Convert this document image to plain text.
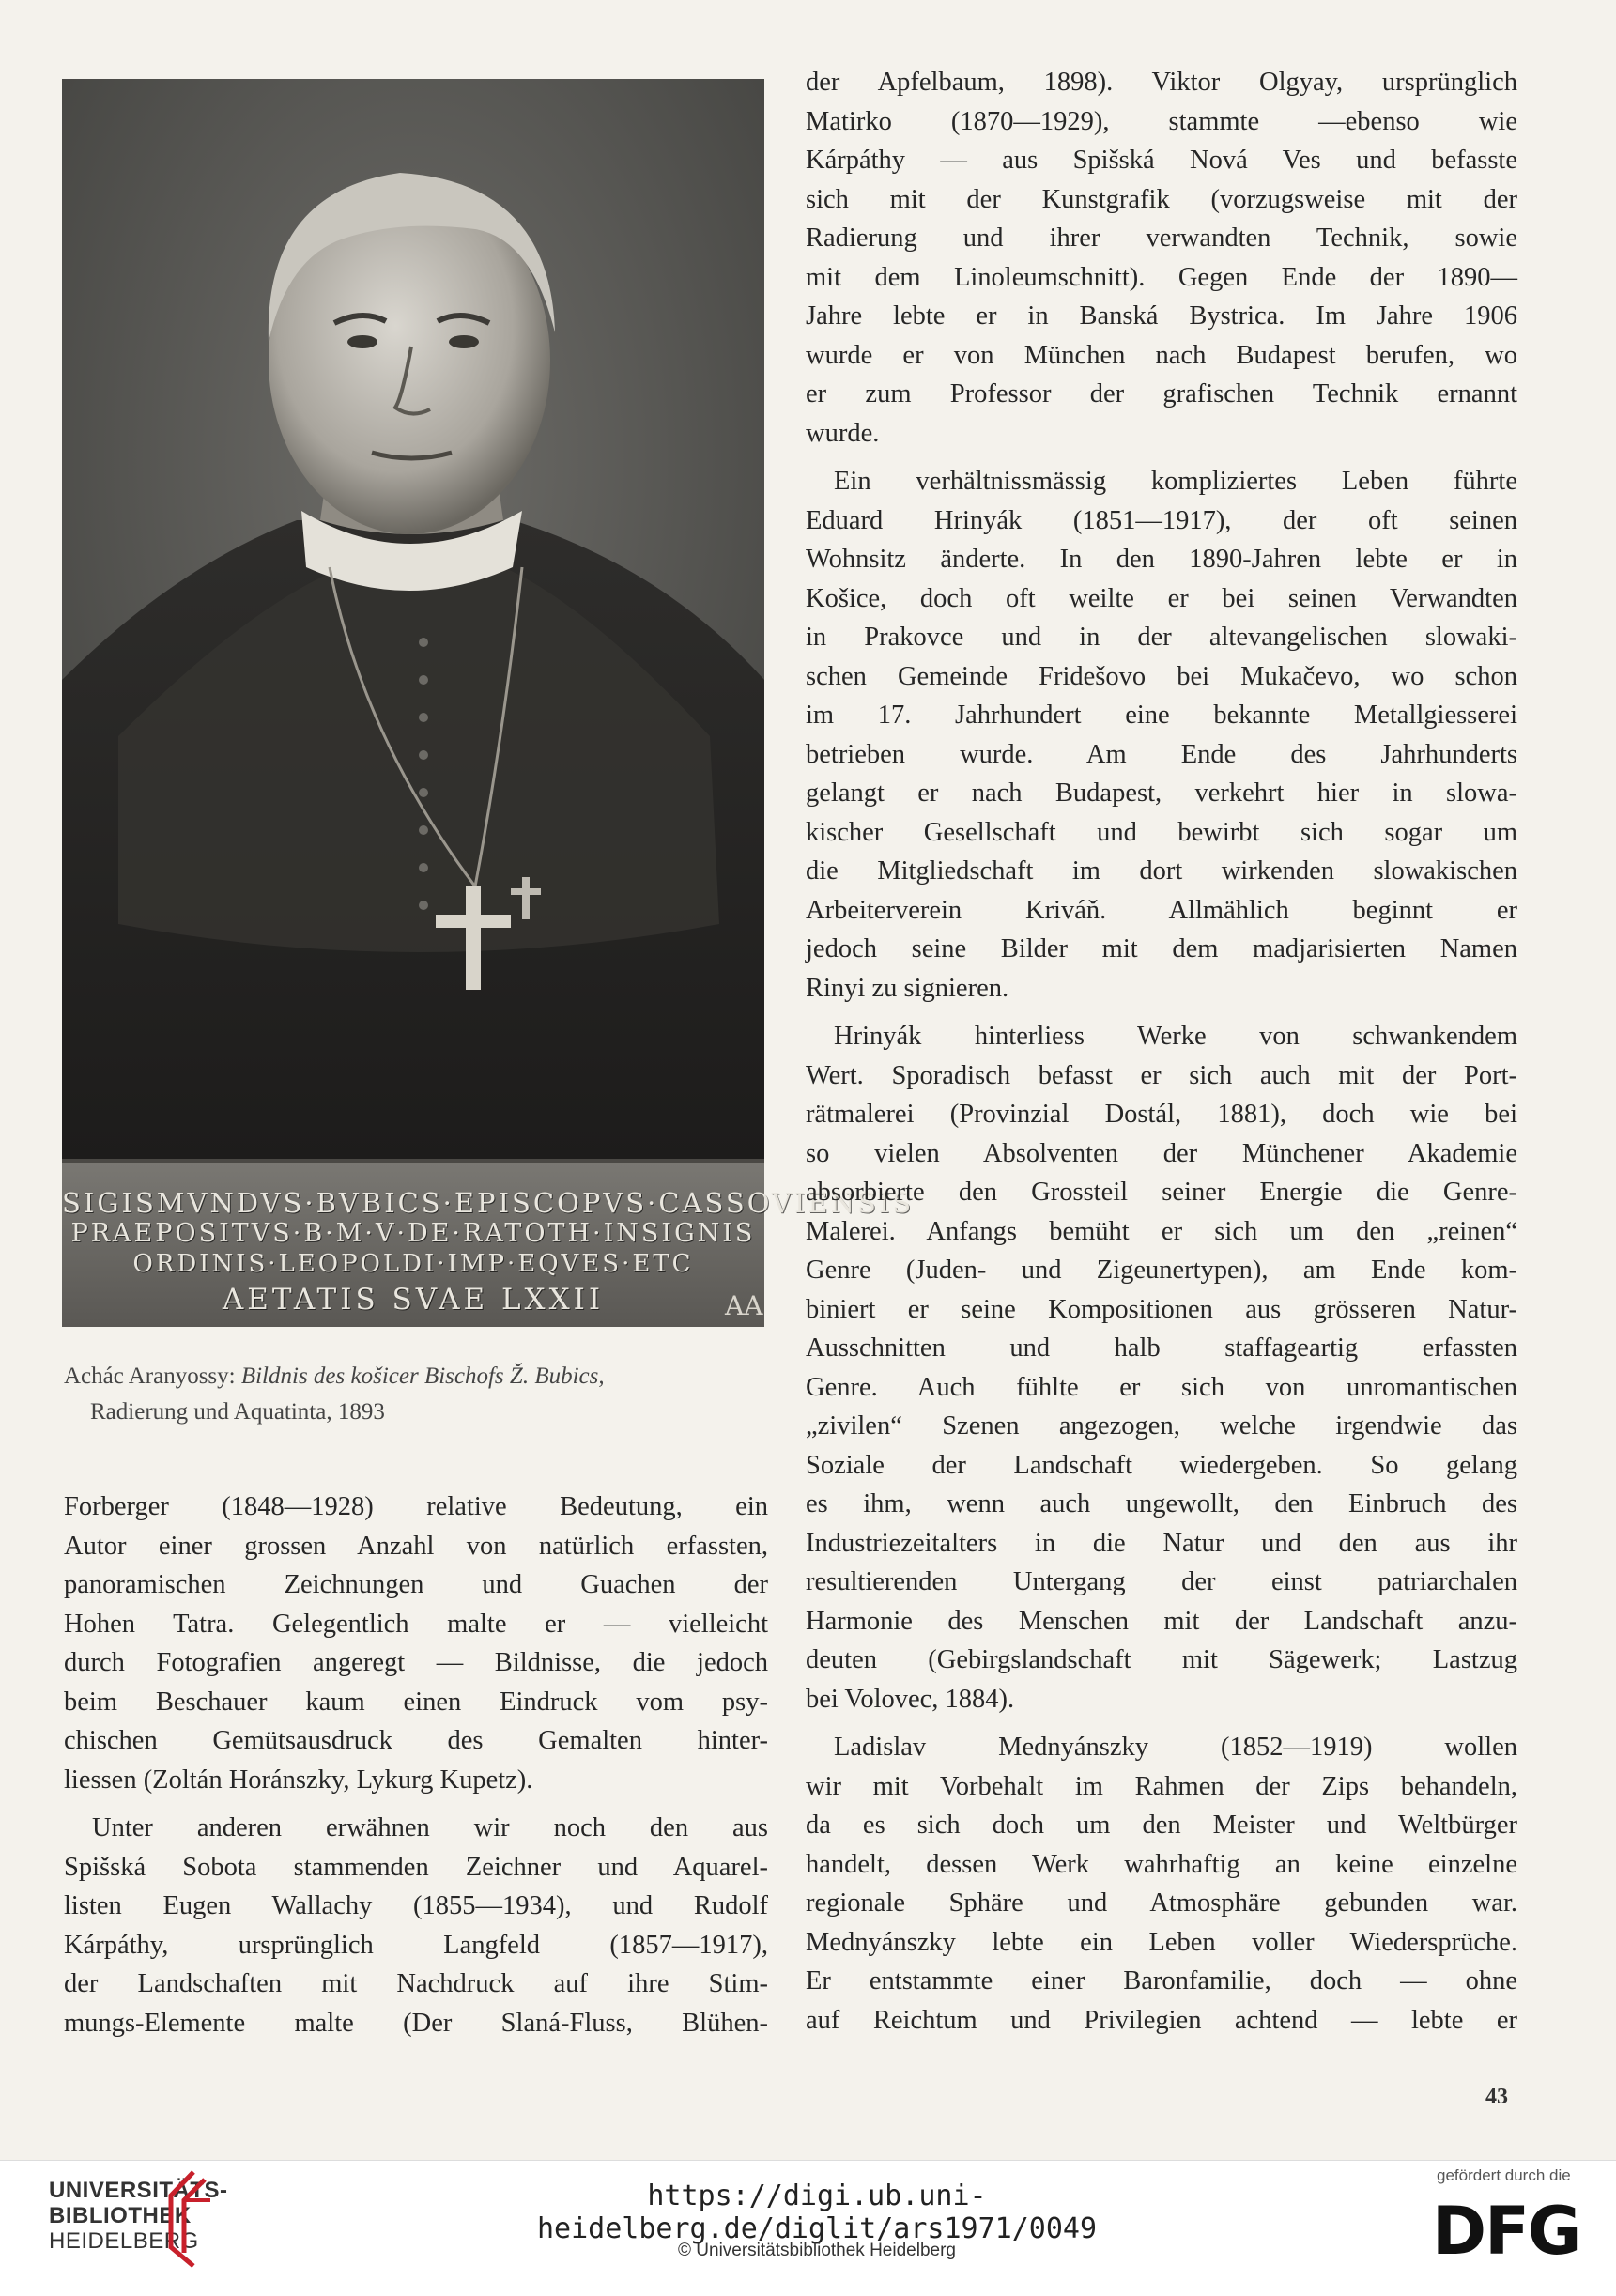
SIGISMVNDVS·BVBICS·EPISCOPVS·CASSOVIENSIS
PRAEPOSITVS·B·M·V·DE·RATOTH·INSIGNIS
ORDINIS·LEOPOLDI·IMP·EQVES·ETC
AETATIS SVAE LXXII	AA
Achác Aranyossy: Bildnis des košicer Bischofs Ž. Bubics,
Radierung und Aquatinta, 1893
Forberger (1848—1928) relative Bedeutung, ein
Autor einer grossen Anzahl von natürlich erfassten,
panoramischen Zeichnungen und Guachen der
Hohen Tatra. Gelegentlich malte er — vielleicht
durch Fotografien angeregt — Bildnisse, die jedoch
beim Beschauer kaum einen Eindruck vom psy-
chischen Gemütsausdruck des Gemalten hinter-
liessen (Zoltán Horánszky, Lykurg Kupetz).
Unter anderen erwähnen wir noch den aus
Spišská Sobota stammenden Zeichner und Aquarel-
listen Eugen Wallachy (1855—1934), und Rudolf
Kárpáthy, ursprünglich Langfeld (1857—1917),
der Landschaften mit Nachdruck auf ihre Stim-
mungs-Elemente malte (Der Slaná-Fluss, Blühen-
der Apfelbaum, 1898). Viktor Olgyay, ursprünglich
Matirko (1870—1929), stammte —ebenso wie
Kárpáthy — aus Spišská Nová Ves und befasste
sich mit der Kunstgrafik (vorzugsweise mit der
Radierung und ihrer verwandten Technik, sowie
mit dem Linoleumschnitt). Gegen Ende der 1890—
Jahre lebte er in Banská Bystrica. Im Jahre 1906
wurde er von München nach Budapest berufen, wo
er zum Professor der grafischen Technik ernannt
wurde.
Ein verhältnissmässig kompliziertes Leben führte
Eduard Hrinyák (1851—1917), der oft seinen
Wohnsitz änderte. In den 1890-Jahren lebte er in
Košice, doch oft weilte er bei seinen Verwandten
in Prakovce und in der altevangelischen slowaki-
schen Gemeinde Fridešovo bei Mukačevo, wo schon
im 17. Jahrhundert eine bekannte Metallgiesserei
betrieben wurde. Am Ende des Jahrhunderts
gelangt er nach Budapest, verkehrt hier in slowa-
kischer Gesellschaft und bewirbt sich sogar um
die Mitgliedschaft im dort wirkenden slowakischen
Arbeiterverein Kriváň. Allmählich beginnt er
jedoch seine Bilder mit dem madjarisierten Namen
Rinyi zu signieren.
Hrinyák hinterliess Werke von schwankendem
Wert. Sporadisch befasst er sich auch mit der Port-
rätmalerei (Provinzial Dostál, 1881), doch wie bei
so vielen Absolventen der Münchener Akademie
absorbierte den Grossteil seiner Energie die Genre-
Malerei. Anfangs bemüht er sich um den „reinen“
Genre (Juden- und Zigeunertypen), am Ende kom-
biniert er seine Kompositionen aus grösseren Natur-
Ausschnitten und halb staffageartig erfassten
Genre. Auch fühlte er sich von unromantischen
„zivilen“ Szenen angezogen, welche irgendwie das
Soziale der Landschaft wiedergeben. So gelang
es ihm, wenn auch ungewollt, den Einbruch des
Industriezeitalters in die Natur und den aus ihr
resultierenden Untergang der einst patriarchalen
Harmonie des Menschen mit der Landschaft anzu-
deuten (Gebirgslandschaft mit Sägewerk; Lastzug
bei Volovec, 1884).
Ladislav Mednyánszky (1852—1919) wollen
wir mit Vorbehalt im Rahmen der Zips behandeln,
da es sich doch um den Meister und Weltbürger
handelt, dessen Werk wahrhaftig an keine einzelne
regionale Sphäre und Atmosphäre gebunden war.
Mednyánszky lebte ein Leben voller Wiedersprüche.
Er entstammte einer Baronfamilie, doch — ohne
auf Reichtum und Privilegien achtend — lebte er
43
UNIVERSITÄTS-
BIBLIOTHEK
HEIDELBERG
https://digi.ub.uni-heidelberg.de/diglit/ars1971/0049
© Universitätsbibliothek Heidelberg
gefördert durch die
DFG
